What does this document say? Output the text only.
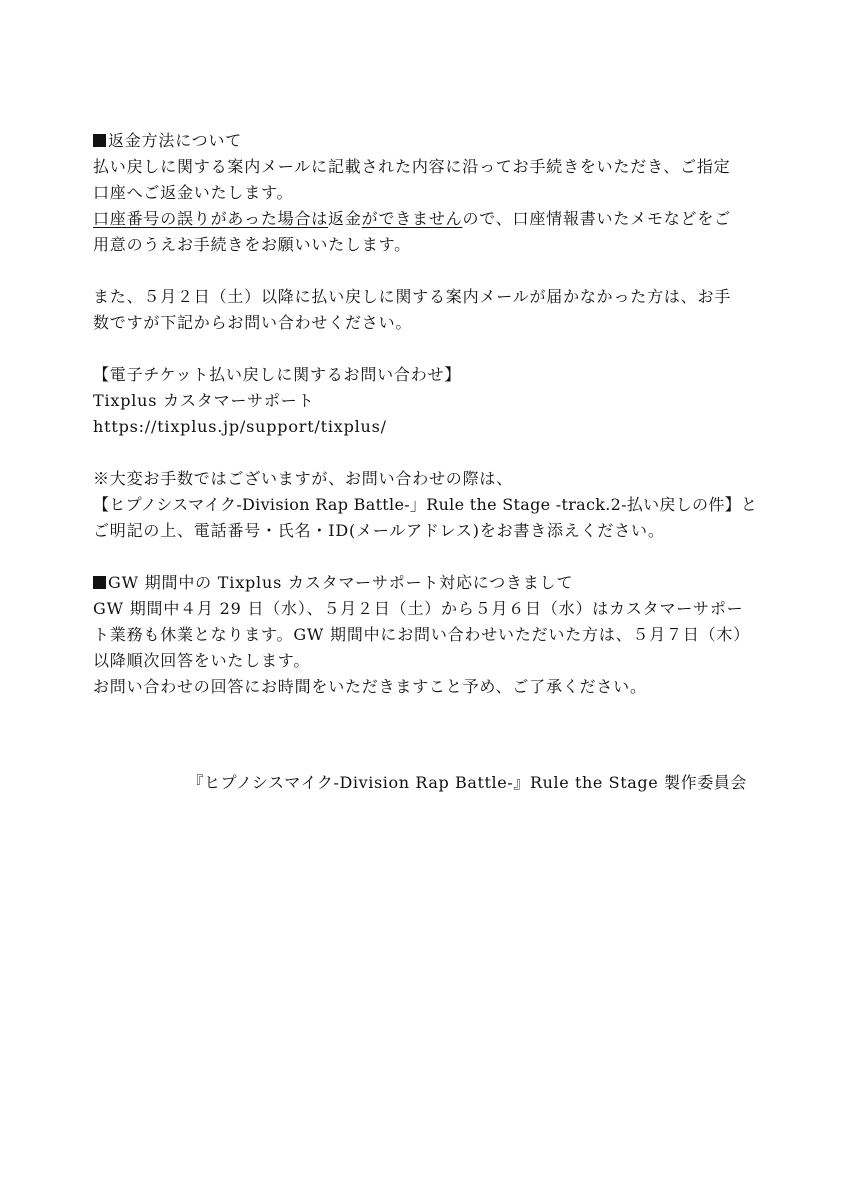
返金方法について
払い戻しに関する案内メールに記載された内容に沿ってお手続きをいただき、ご指定
口座へご返金いたします。
口座番号の誤りがあった場合は返金ができませんので、口座情報書いたメモなどをご
用意のうえお手続きをお願いいたします。
また、５月２日（土）以降に払い戻しに関する案内メールが届かなかった方は、お手
数ですが下記からお問い合わせください。
【電子チケット払い戻しに関するお問い合わせ】
Tixplus カスタマーサポート
https://tixplus.jp/support/tixplus/
※大変お手数ではございますが、お問い合わせの際は、
【ヒプノシスマイク-Division Rap Battle-」Rule the Stage -track.2-払い戻しの件】と
ご明記の上、電話番号・氏名・ID(メールアドレス)をお書き添えください。
GW 期間中の Tixplus カスタマーサポート対応につきまして
GW 期間中４月 29 日（水）、５月２日（土）から５月６日（水）はカスタマーサポー
ト業務も休業となります。GW 期間中にお問い合わせいただいた方は、５月７日（木）
以降順次回答をいたします。
お問い合わせの回答にお時間をいただきますこと予め、ご了承ください。
『ヒプノシスマイク-Division Rap Battle-』Rule the Stage 製作委員会
